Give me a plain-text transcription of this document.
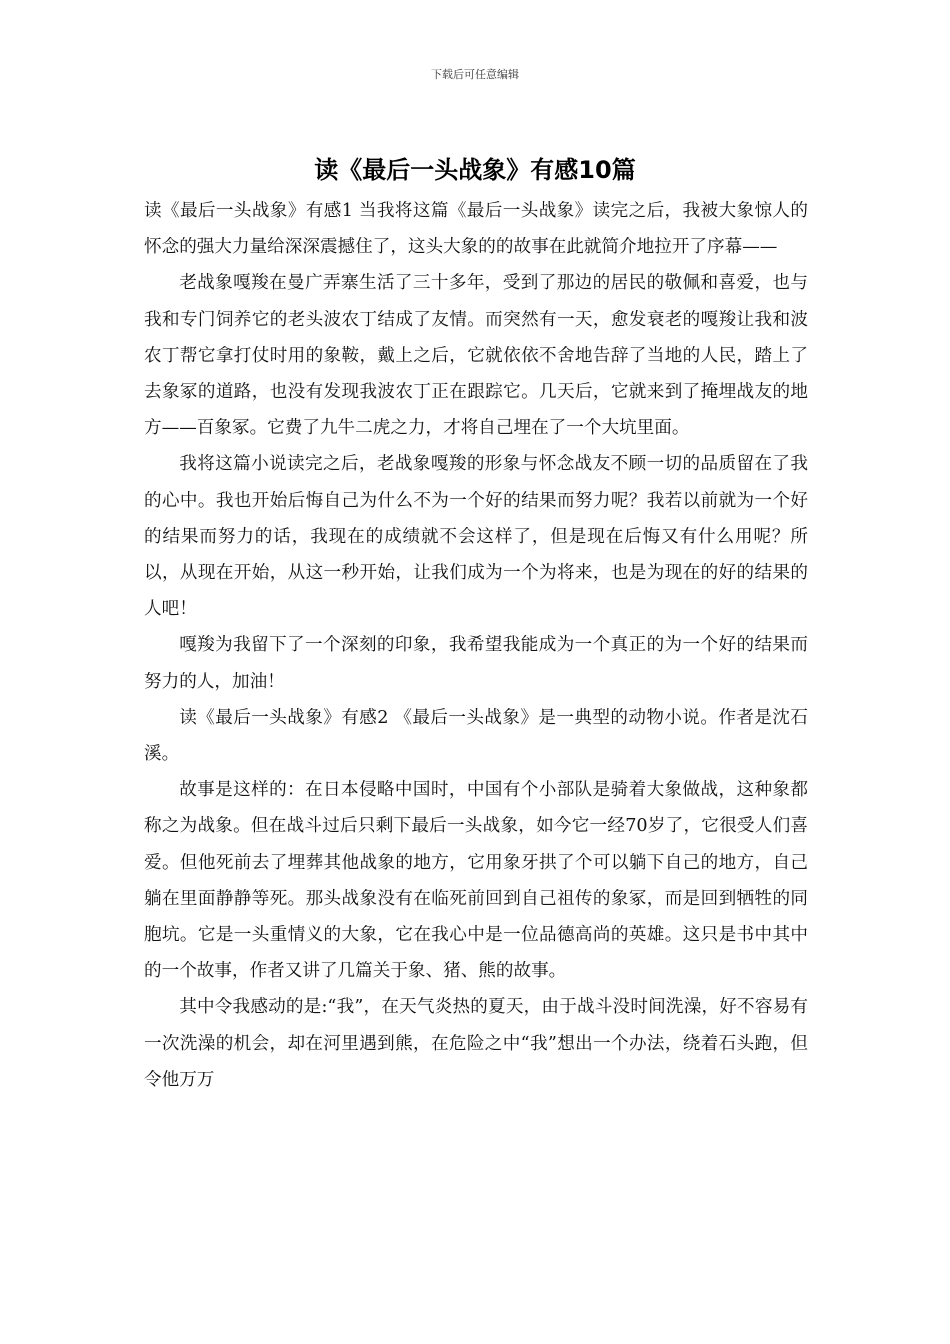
下载后可任意编辑
读《最后一头战象》有感10篇

读《最后一头战象》有感1 当我将这篇《最后一头战象》读完之后，我被大象惊人的怀念的强大力量给深深震撼住了，这头大象的的故事在此就简介地拉开了序幕——

老战象嘎羧在曼广弄寨生活了三十多年，受到了那边的居民的敬佩和喜爱，也与我和专门饲养它的老头波农丁结成了友情。而突然有一天，愈发衰老的嘎羧让我和波农丁帮它拿打仗时用的象鞍，戴上之后，它就依依不舍地告辞了当地的人民，踏上了去象冢的道路，也没有发现我波农丁正在跟踪它。几天后，它就来到了掩埋战友的地方——百象冢。它费了九牛二虎之力，才将自己埋在了一个大坑里面。

我将这篇小说读完之后，老战象嘎羧的形象与怀念战友不顾一切的品质留在了我的心中。我也开始后悔自己为什么不为一个好的结果而努力呢？我若以前就为一个好的结果而努力的话，我现在的成绩就不会这样了，但是现在后悔又有什么用呢？所以，从现在开始，从这一秒开始，让我们成为一个为将来，也是为现在的好的结果的人吧！

嘎羧为我留下了一个深刻的印象，我希望我能成为一个真正的为一个好的结果而努力的人，加油！

读《最后一头战象》有感2 《最后一头战象》是一典型的动物小说。作者是沈石溪。

故事是这样的：在日本侵略中国时，中国有个小部队是骑着大象做战，这种象都称之为战象。但在战斗过后只剩下最后一头战象，如今它一经70岁了，它很受人们喜爱。但他死前去了埋葬其他战象的地方，它用象牙拱了个可以躺下自己的地方，自己躺在里面静静等死。那头战象没有在临死前回到自己祖传的象冢，而是回到牺牲的同胞坑。它是一头重情义的大象，它在我心中是一位品德高尚的英雄。这只是书中其中的一个故事，作者又讲了几篇关于象、猪、熊的故事。

其中令我感动的是:“我”，在天气炎热的夏天，由于战斗没时间洗澡，好不容易有一次洗澡的机会，却在河里遇到熊，在危险之中“我”想出一个办法，绕着石头跑，但令他万万
